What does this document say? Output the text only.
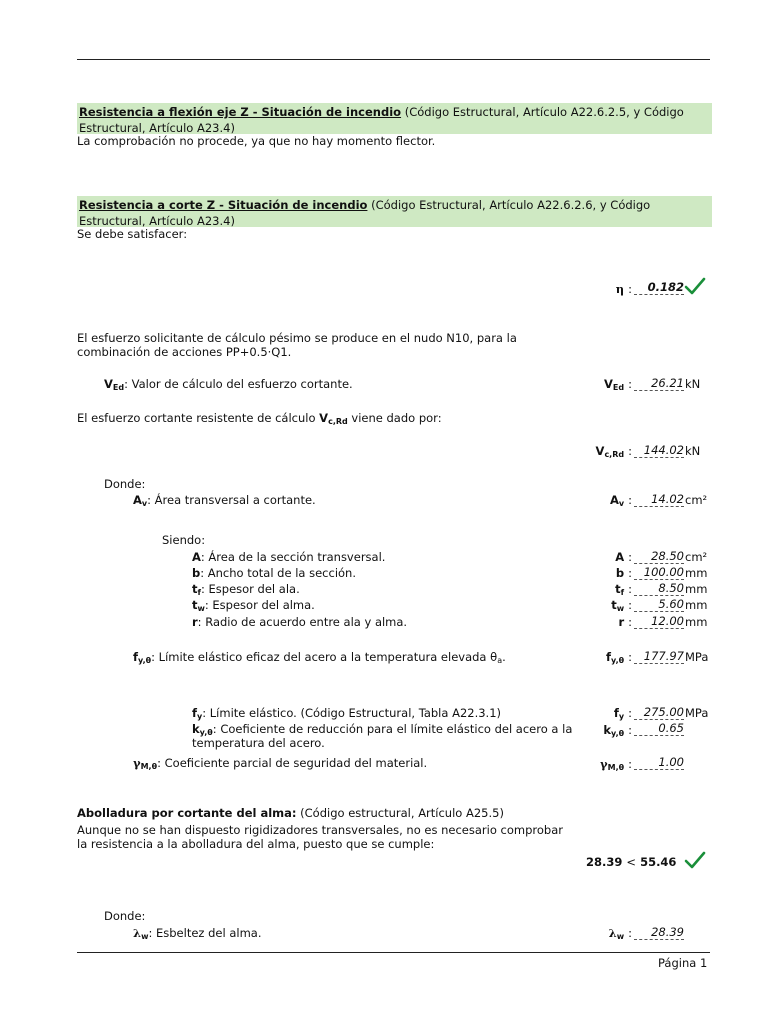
Resistencia a flexión eje Z - Situación de incendio (Código Estructural, Artículo A22.6.2.5, y Código Estructural, Artículo A23.4)
La comprobación no procede, ya que no hay momento flector.
Resistencia a corte Z - Situación de incendio (Código Estructural, Artículo A22.6.2.6, y Código Estructural, Artículo A23.4)
Se debe satisfacer:
η :	0.182
El esfuerzo solicitante de cálculo pésimo se produce en el nudo N10, para la
combinación de acciones PP+0.5·Q1.
$V_{Ed}$: Valor de cálculo del esfuerzo cortante.	$V_{Ed}$ :	26.21 kN
El esfuerzo cortante resistente de cálculo $V_{c,Rd}$ viene dado por:
$V_{c,Rd}$ :	144.02 kN
Donde:
$A_v$: Área transversal a cortante.	$A_v$ :	14.02 cm²
Siendo:
A: Área de la sección transversal.	A :	28.50 cm²
b: Ancho total de la sección.	b :	100.00 mm
$t_f$: Espesor del ala.	$t_f$ :	8.50 mm
$t_w$: Espesor del alma.	$t_w$ :	5.60 mm
r: Radio de acuerdo entre ala y alma.	r :	12.00 mm
$f_{y,\theta}$: Límite elástico eficaz del acero a la temperatura elevada $\theta_a$.	$f_{y,\theta}$ :	177.97 MPa
$f_y$: Límite elástico. (Código Estructural, Tabla A22.3.1)	$f_y$ :	275.00 MPa
$k_{y,\theta}$: Coeficiente de reducción para el límite elástico del acero a la
temperatura del acero.
$k_{y,\theta}$ :	0.65
$\gamma_{M,\theta}$: Coeficiente parcial de seguridad del material.	$\gamma_{M,\theta}$ :	1.00
Abolladura por cortante del alma: (Código estructural, Artículo A25.5)
Aunque no se han dispuesto rigidizadores transversales, no es necesario comprobar
la resistencia a la abolladura del alma, puesto que se cumple:
28.39 < 55.46
Donde:
$\lambda_w$: Esbeltez del alma.	$\lambda_w$ :	28.39
Página 1
